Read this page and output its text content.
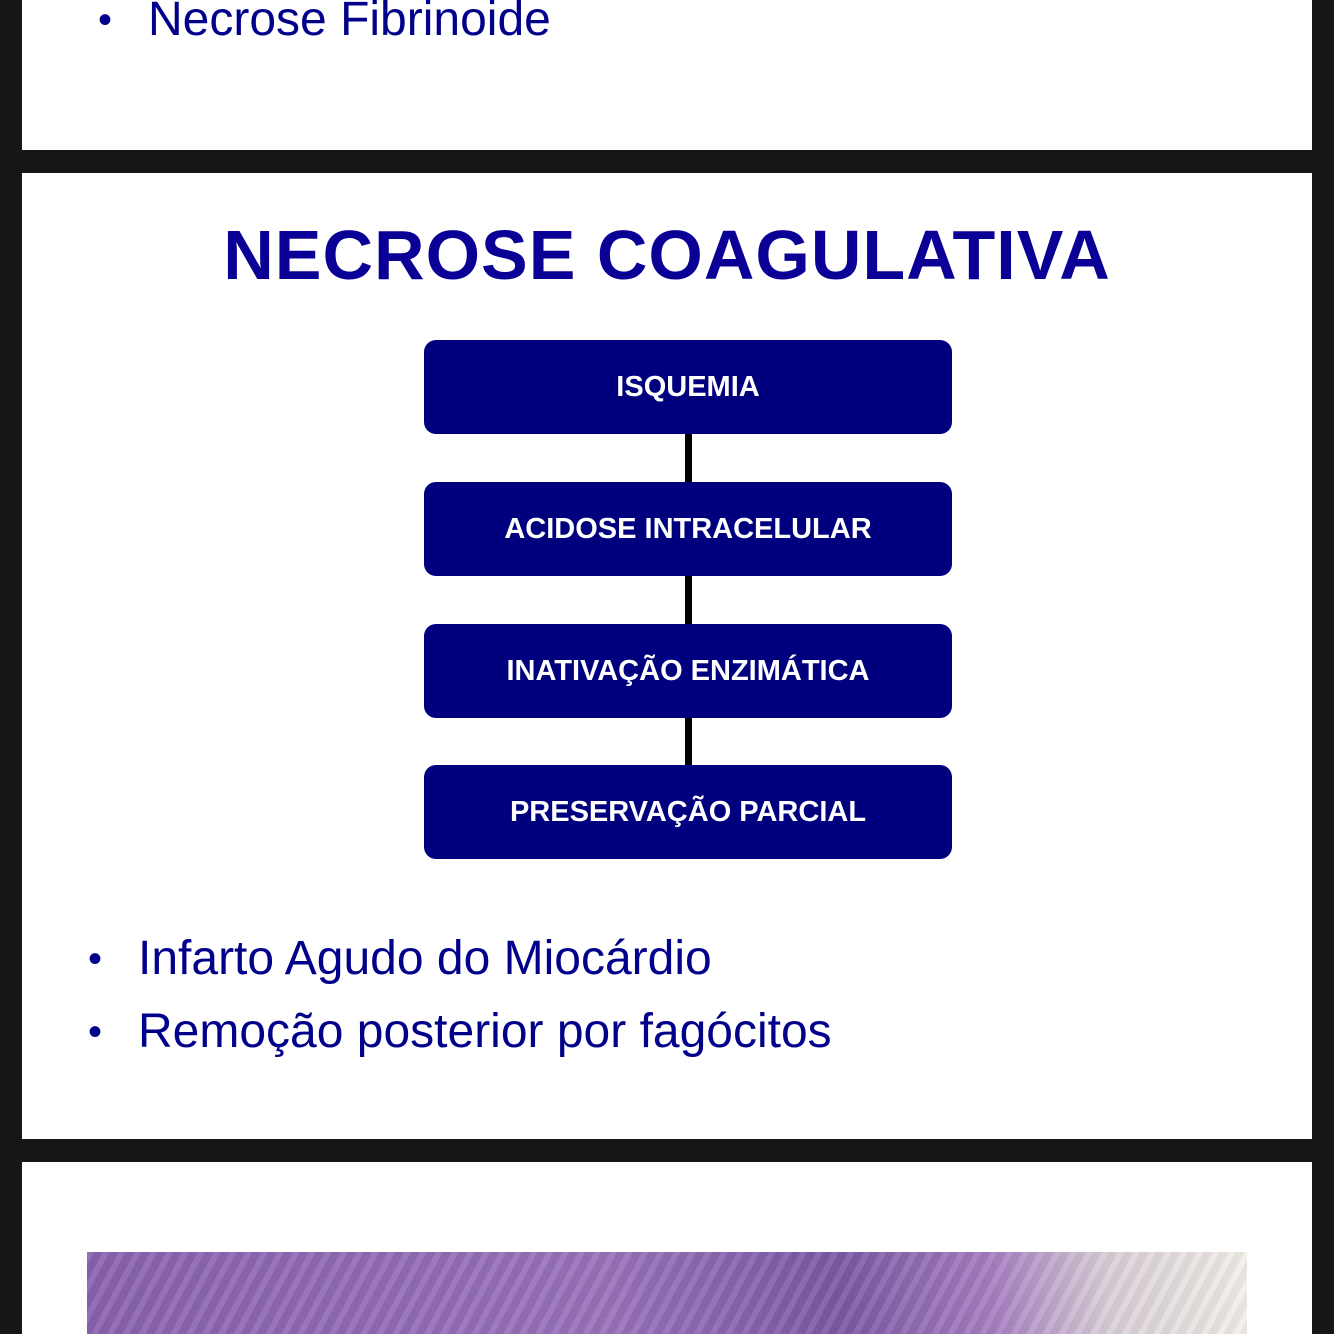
• Necrose Fibrinoide
NECROSE COAGULATIVA
ISQUEMIA
ACIDOSE INTRACELULAR
INATIVAÇÃO ENZIMÁTICA
PRESERVAÇÃO PARCIAL
• Infarto Agudo do Miocárdio
• Remoção posterior por fagócitos
